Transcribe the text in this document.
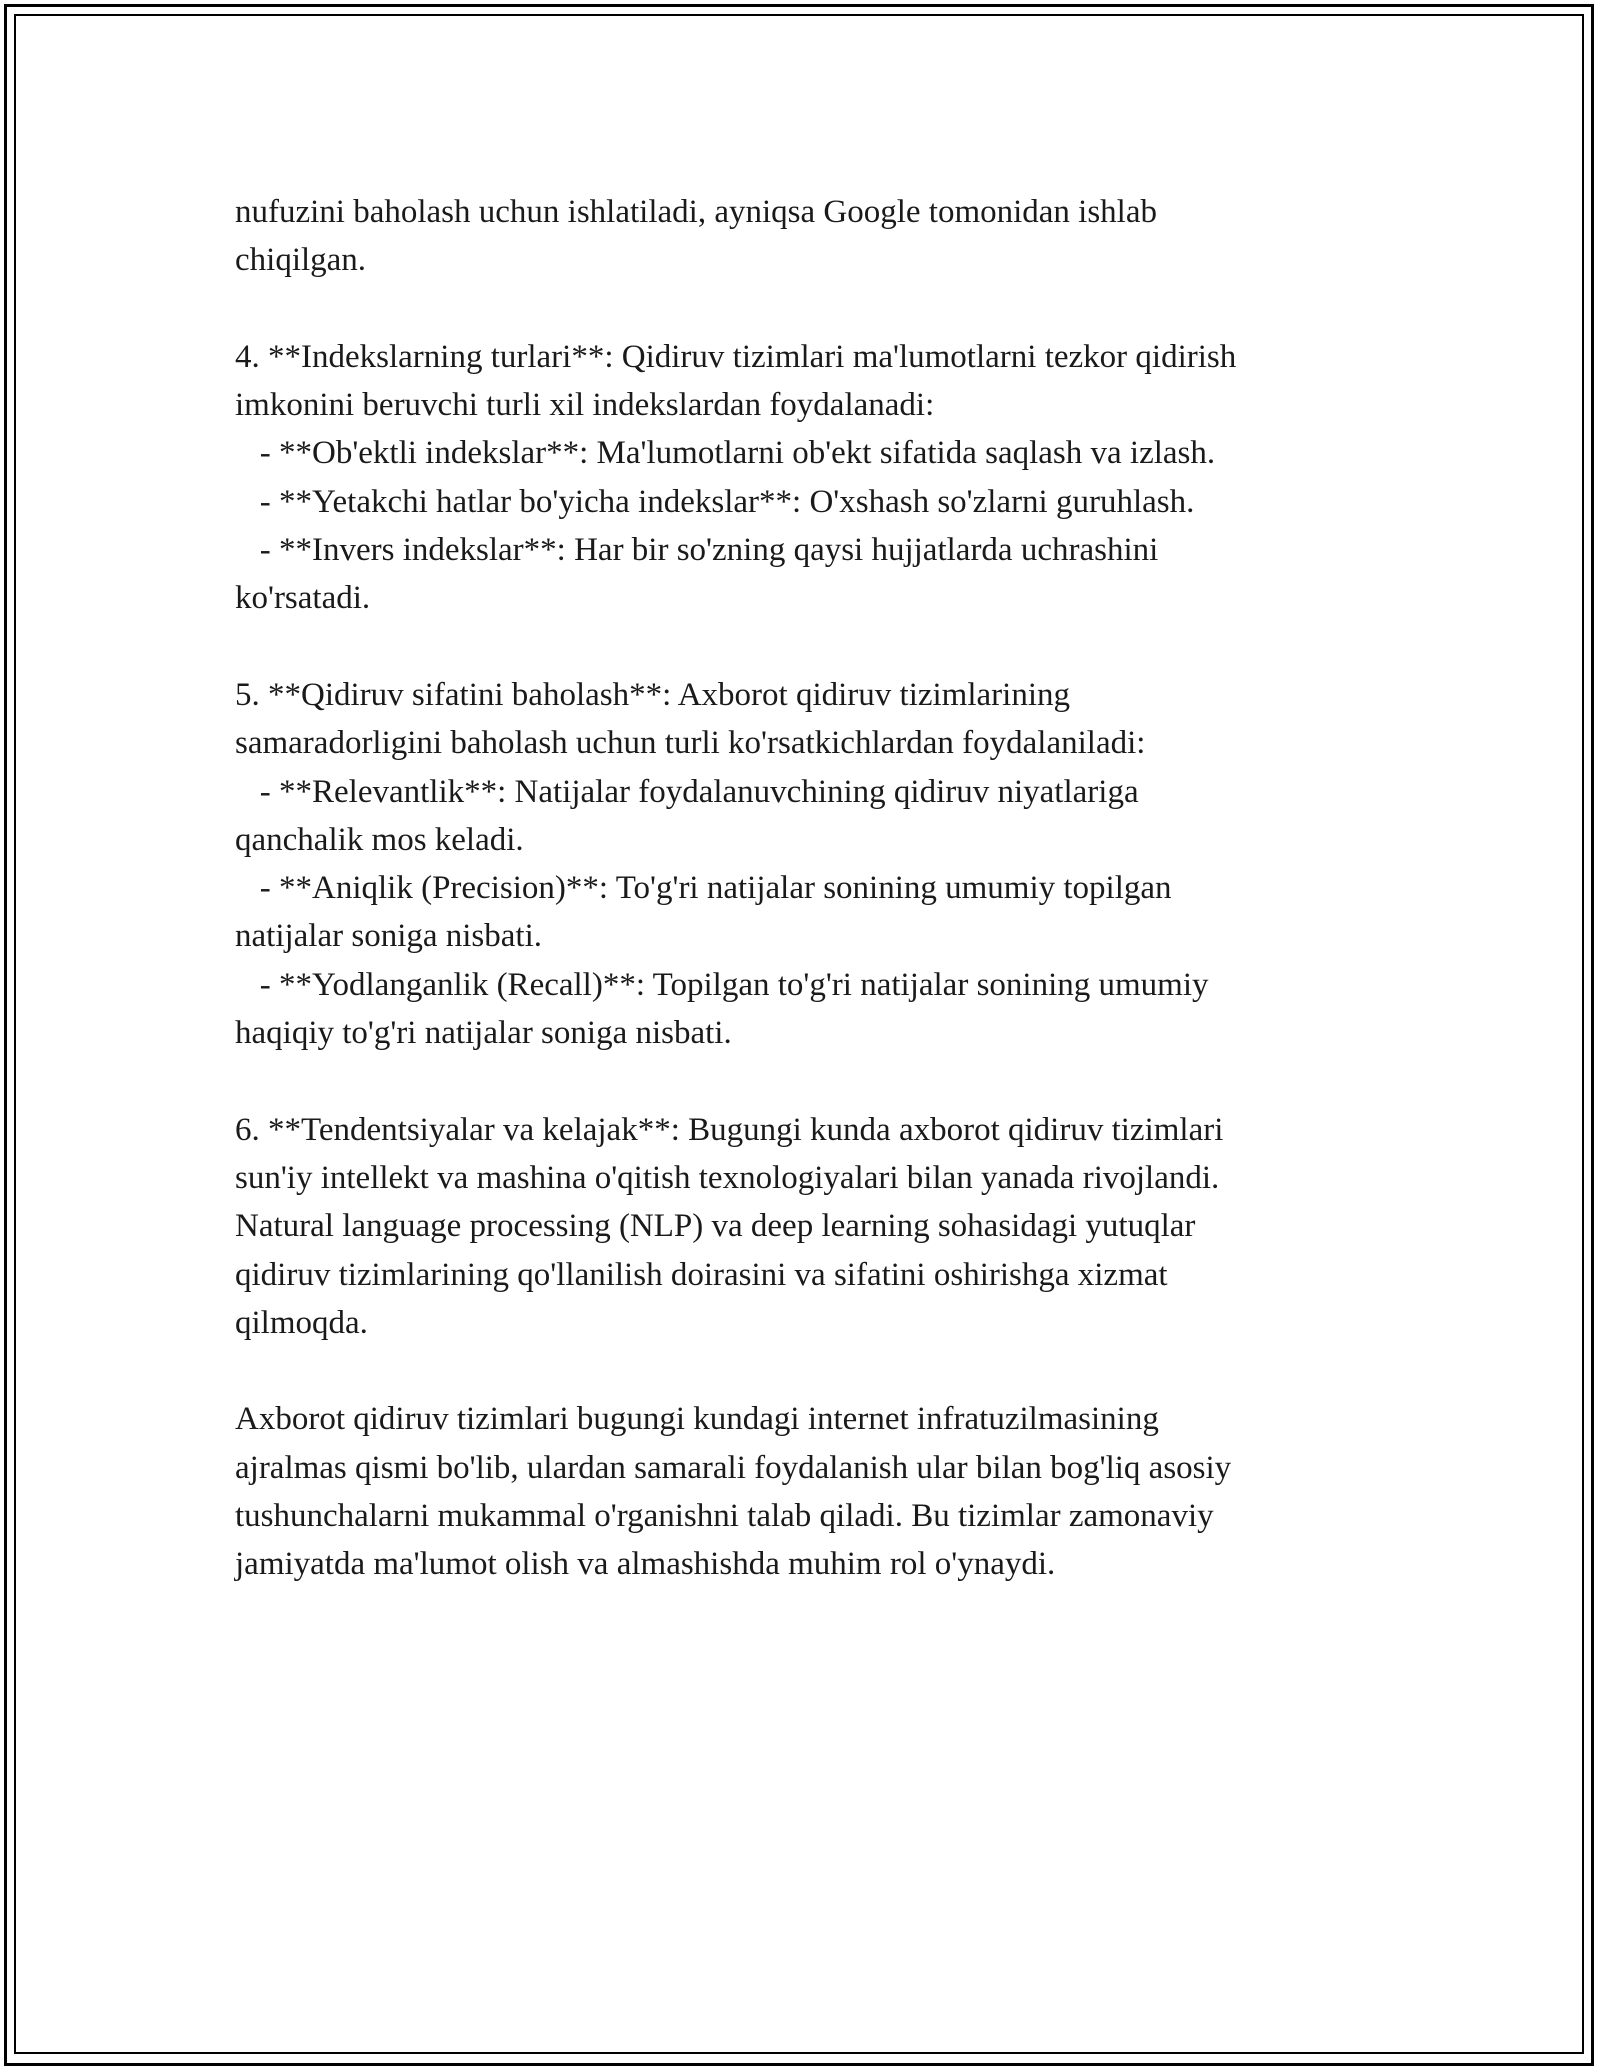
nufuzini baholash uchun ishlatiladi, ayniqsa Google tomonidan ishlab
chiqilgan.
4. **Indekslarning turlari**: Qidiruv tizimlari ma'lumotlarni tezkor qidirish
imkonini beruvchi turli xil indekslardan foydalanadi:
- **Ob'ektli indekslar**: Ma'lumotlarni ob'ekt sifatida saqlash va izlash.
- **Yetakchi hatlar bo'yicha indekslar**: O'xshash so'zlarni guruhlash.
- **Invers indekslar**: Har bir so'zning qaysi hujjatlarda uchrashini
ko'rsatadi.
5. **Qidiruv sifatini baholash**: Axborot qidiruv tizimlarining
samaradorligini baholash uchun turli ko'rsatkichlardan foydalaniladi:
- **Relevantlik**: Natijalar foydalanuvchining qidiruv niyatlariga
qanchalik mos keladi.
- **Aniqlik (Precision)**: To'g'ri natijalar sonining umumiy topilgan
natijalar soniga nisbati.
- **Yodlanganlik (Recall)**: Topilgan to'g'ri natijalar sonining umumiy
haqiqiy to'g'ri natijalar soniga nisbati.
6. **Tendentsiyalar va kelajak**: Bugungi kunda axborot qidiruv tizimlari
sun'iy intellekt va mashina o'qitish texnologiyalari bilan yanada rivojlandi.
Natural language processing (NLP) va deep learning sohasidagi yutuqlar
qidiruv tizimlarining qo'llanilish doirasini va sifatini oshirishga xizmat
qilmoqda.
Axborot qidiruv tizimlari bugungi kundagi internet infratuzilmasining
ajralmas qismi bo'lib, ulardan samarali foydalanish ular bilan bog'liq asosiy
tushunchalarni mukammal o'rganishni talab qiladi. Bu tizimlar zamonaviy
jamiyatda ma'lumot olish va almashishda muhim rol o'ynaydi.
